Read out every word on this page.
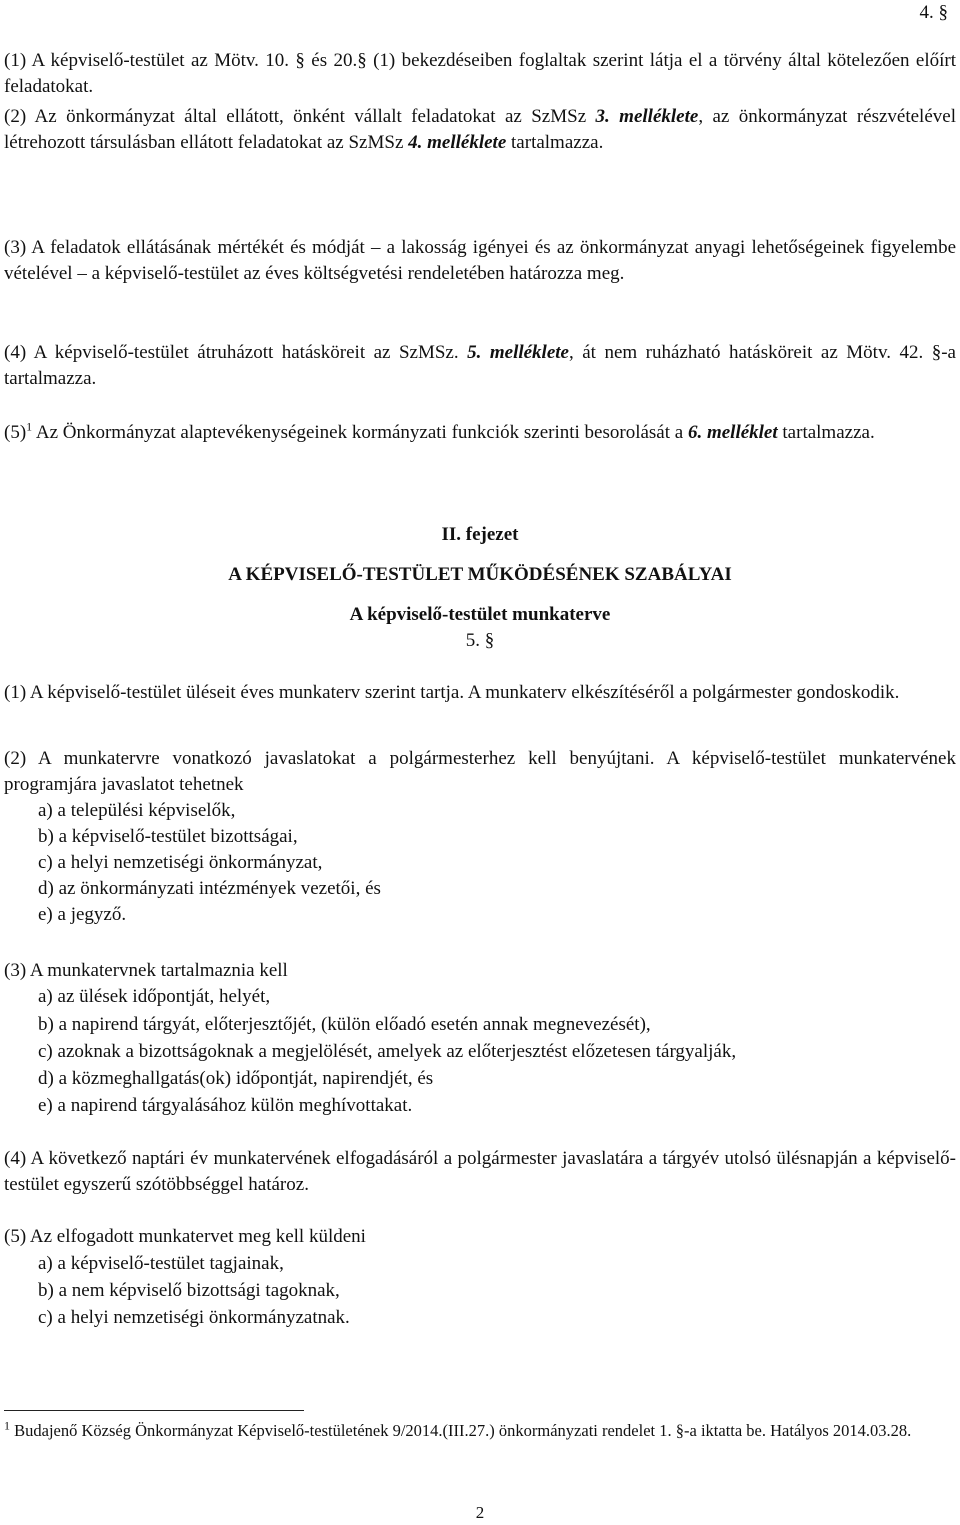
4. §

(1) A képviselő-testület az Mötv. 10. § és 20.§ (1) bekezdéseiben foglaltak szerint látja el a törvény által kötelezően előírt feladatokat.

(2) Az önkormányzat által ellátott, önként vállalt feladatokat az SzMSz 3. melléklete, az önkormányzat részvételével létrehozott társulásban ellátott feladatokat az SzMSz 4. melléklete tartalmazza.

(3) A feladatok ellátásának mértékét és módját – a lakosság igényei és az önkormányzat anyagi lehetőségeinek figyelembe vételével – a képviselő-testület az éves költségvetési rendeletében határozza meg.

(4) A képviselő-testület átruházott hatásköreit az SzMSz. 5. melléklete, át nem ruházható hatásköreit az Mötv. 42. §-a tartalmazza.

$(5)^1$ Az Önkormányzat alaptevékenységeinek kormányzati funkciók szerinti besorolását a 6. melléklet tartalmazza.

II. fejezet
A KÉPVISELŐ-TESTÜLET MŰKÖDÉSÉNEK SZABÁLYAI
A képviselő-testület munkaterve
5. §

(1) A képviselő-testület üléseit éves munkaterv szerint tartja. A munkaterv elkészítéséről a polgármester gondoskodik.

(2) A munkatervre vonatkozó javaslatokat a polgármesterhez kell benyújtani. A képviselő-testület munkatervének programjára javaslatot tehetnek

a) a települési képviselők,

b) a képviselő-testület bizottságai,

c) a helyi nemzetiségi önkormányzat,

d) az önkormányzati intézmények vezetői, és

e) a jegyző.

(3) A munkatervnek tartalmaznia kell

a) az ülések időpontját, helyét,

b) a napirend tárgyát, előterjesztőjét, (külön előadó esetén annak megnevezését),

c) azoknak a bizottságoknak a megjelölését, amelyek az előterjesztést előzetesen tárgyalják,

d) a közmeghallgatás(ok) időpontját, napirendjét, és

e) a napirend tárgyalásához külön meghívottakat.

(4) A következő naptári év munkatervének elfogadásáról a polgármester javaslatára a tárgyév utolsó ülésnapján a képviselő-testület egyszerű szótöbbséggel határoz.

(5) Az elfogadott munkatervet meg kell küldeni

a) a képviselő-testület tagjainak,

b) a nem képviselő bizottsági tagoknak,

c) a helyi nemzetiségi önkormányzatnak.

$^1$ Budajenő Község Önkormányzat Képviselő-testületének 9/2014.(III.27.) önkormányzati rendelet 1. §-a iktatta be. Hatályos 2014.03.28.

2
